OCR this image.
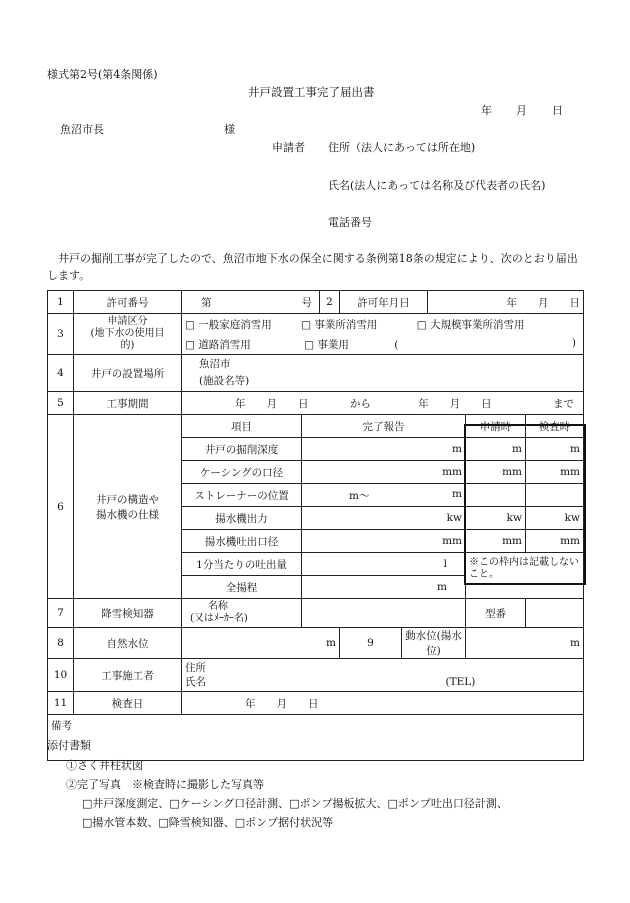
様式第2号(第4条関係)
井戸設置工事完了届出書
年 月 日
魚沼市長	様
申請者 住所（法人にあっては所在地)
氏名(法人にあっては名称及び代表者の氏名)
電話番号
　井戸の掘削工事が完了したので、魚沼市地下水の保全に関する条例第18条の規定により、次のとおり届出します。
1	許可番号	第 号		2	許可年月日		年　　月　　日		
3	申請区分
(地下水の使用目
的)	□ 一般家庭消雪用 □ 事業所消雪用 □ 大規模事業所消雪用							
		□ 道路消雪用 □ 事業用 ( )							

4	井戸の設置場所	魚沼市
(施設名等)							

5	工事期間	年　　月　　日 から 年　　月　　日 まで							

6	井戸の構造や
揚水機の仕様	項目	完了報告					申請時	検査時
		井戸の掘削深度	m					m	m
		ケーシングの口径	mm					mm	mm
		ストレーナーの位置	m〜 m						

		揚水機出力	kw					kw	kw
		揚水機吐出口径	mm					mm	mm
		1分当たりの吐出量	l					※この枠内は記載しないこと。	
		全揚程	m						
7	降雪検知器	名称
(又はﾒｰｶｰ名)						型番	
8	自然水位	m			9	動水位(揚水位)		m	
10	工事施工者	住所
氏名 (TEL)							

11	検査日	年　　月　　日							
備考									
添付書類
①さく井柱状図
②完了写真　※検査時に撮影した写真等
□井戸深度測定、□ケーシング口径計測、□ポンプ揚板拡大、□ポンプ吐出口径計測、
□揚水管本数、□降雪検知器、□ポンプ据付状況等
